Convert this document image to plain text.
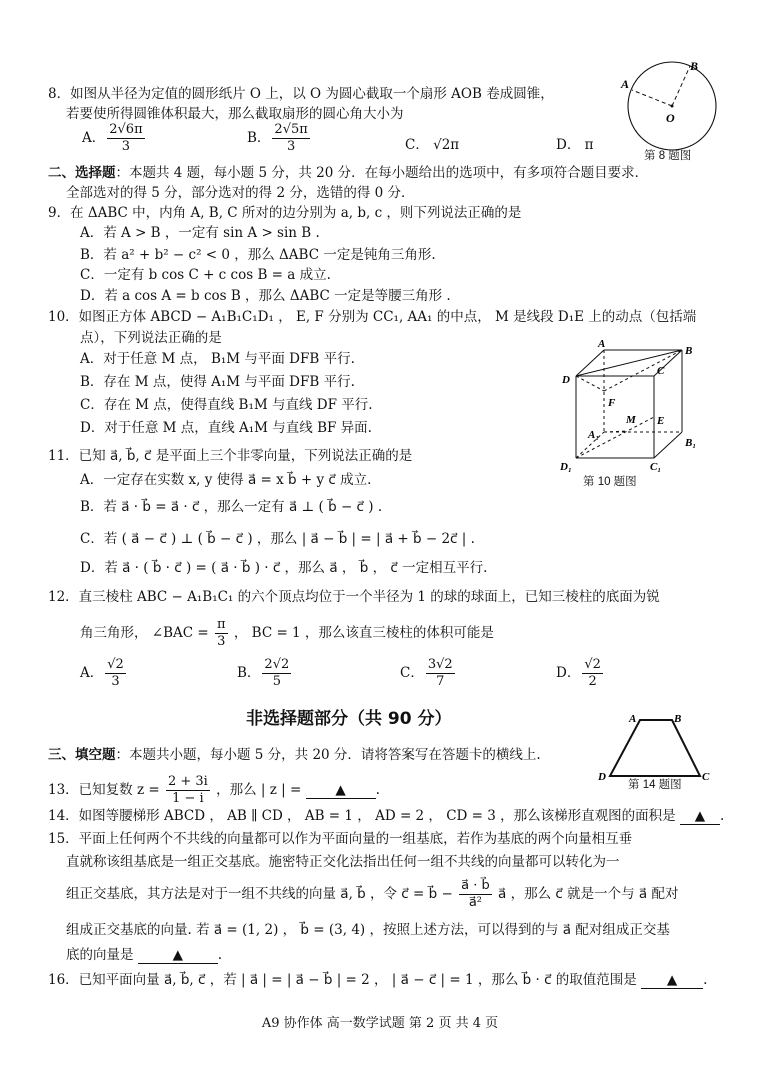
8．如图从半径为定值的圆形纸片 O 上，以 O 为圆心截取一个扇形 AOB 卷成圆锥，
若要使所得圆锥体积最大，那么截取扇形的圆心角大小为
A． $\frac{2√6\pi}{3}$	B． $\frac{2√5\pi}{3}$	C． √2π	D． π
A
B
O
第 8 题图
二、选择题：本题共 4 题，每小题 5 分，共 20 分．在每小题给出的选项中，有多项符合题目要求．
全部选对的得 5 分，部分选对的得 2 分，选错的得 0 分．
9．在 ΔABC 中，内角 A, B, C 所对的边分别为 a, b, c ，则下列说法正确的是
A．若 A > B ，一定有 sin A > sin B .
B．若 a² + b² − c² < 0 ，那么 ΔABC 一定是钝角三角形.
C．一定有 b cos C + c cos B = a 成立.
D．若 a cos A = b cos B ，那么 ΔABC 一定是等腰三角形 .
10．如图正方体 ABCD − A₁B₁C₁D₁ ， E, F 分别为 CC₁, AA₁ 的中点， M 是线段 D₁E 上的动点（包括端
点），下列说法正确的是
A．对于任意 M 点， B₁M 与平面 DFB 平行.
B．存在 M 点，使得 A₁M 与平面 DFB 平行.
C．存在 M 点，使得直线 B₁M 与直线 DF 平行.
D．对于任意 M 点，直线 A₁M 与直线 BF 异面.
A
B
D
C
F
M E
A₁
B₁
D₁	C₁
第 10 题图
11．已知 a⃗, b⃗, c⃗ 是平面上三个非零向量，下列说法正确的是
A．一定存在实数 x, y 使得 a⃗ = x b⃗ + y c⃗ 成立.
B．若 a⃗ · b⃗ = a⃗ · c⃗ ，那么一定有 a⃗ ⊥ ( b⃗ − c⃗ ) .
C．若 ( a⃗ − c⃗ ) ⊥ ( b⃗ − c⃗ ) ，那么 | a⃗ − b⃗ | = | a⃗ + b⃗ − 2c⃗ | .
D．若 a⃗ · ( b⃗ · c⃗ ) = ( a⃗ · b⃗ ) · c⃗ ，那么 a⃗ ， b⃗ ， c⃗ 一定相互平行.
12．直三棱柱 ABC − A₁B₁C₁ 的六个顶点均位于一个半径为 1 的球的球面上，已知三棱柱的底面为锐
角三角形， ∠BAC = $\frac{\pi}{3}$ ， BC = 1 ，那么该直三棱柱的体积可能是
A． $\frac{√2}{3}$	B． $\frac{2√2}{5}$	C． $\frac{3√2}{7}$	D． $\frac{√2}{2}$
非选择题部分（共 90 分）	A	B
C
D
第 14 题图
三、填空题：本题共小题，每小题 5 分，共 20 分．请将答案写在答题卡的横线上.
13．已知复数 $z = \frac{2 + 3i}{1 - i}$ ，那么 | z | =	▲ .
14．如图等腰梯形 ABCD ， AB ∥ CD ， AB = 1 ， AD = 2 ， CD = 3 ，那么该梯形直观图的面积是 ▲ .
15．平面上任何两个不共线的向量都可以作为平面向量的一组基底，若作为基底的两个向量相互垂
直就称该组基底是一组正交基底。施密特正交化法指出任何一组不共线的向量都可以转化为一
组正交基底，其方法是对于一组不共线的向量 a⃗, b⃗ ，令 c⃗ = b⃗ − $\frac{a⃗ \cdot b⃗}{\text{a⃗²}}$ a⃗ ，那么 c⃗ 就是一个与 a⃗ 配对
组成正交基底的向量. 若 a⃗ = (1, 2) ， b⃗ = (3, 4) ，按照上述方法，可以得到的与 a⃗ 配对组成正交基
底的向量是	▲	.
16．已知平面向量 a⃗, b⃗, c⃗ ，若 | a⃗ | = | a⃗ − b⃗ | = 2 ， | a⃗ − c⃗ | = 1 ，那么 b⃗ · c⃗ 的取值范围是 ▲ .
A9 协作体 高一数学试题 第 2 页 共 4 页
